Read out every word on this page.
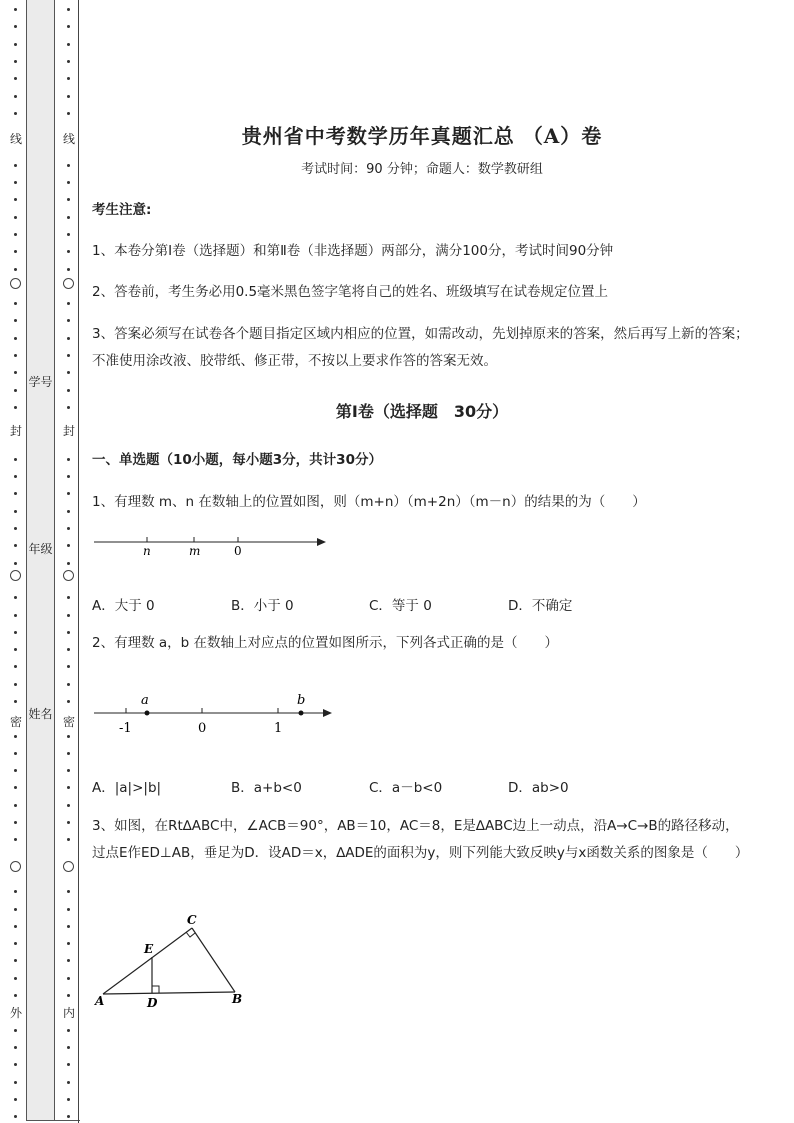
线
封
密
外
学号
年级
姓名
线
封
密
内
贵州省中考数学历年真题汇总 （A）卷
考试时间：90 分钟；命题人：数学教研组
考生注意:
1、本卷分第Ⅰ卷（选择题）和第Ⅱ卷（非选择题）两部分，满分100分，考试时间90分钟
2、答卷前，考生务必用0.5毫米黑色签字笔将自己的姓名、班级填写在试卷规定位置上
3、答案必须写在试卷各个题目指定区域内相应的位置，如需改动，先划掉原来的答案，然后再写上新的答案；不准使用涂改液、胶带纸、修正带，不按以上要求作答的答案无效。
第Ⅰ卷（选择题　30分）
一、单选题（10小题，每小题3分，共计30分）
1、有理数 m、n 在数轴上的位置如图，则（m+n）（m+2n）（m－n）的结果的为（　　）
n	m	0
A．大于 0	B．小于 0	C．等于 0	D．不确定
2、有理数 a，b 在数轴上对应点的位置如图所示，下列各式正确的是（　　）
a	b
-1	0	1
A．|a|>|b|	B．a+b<0	C．a－b<0	D．ab>0
3、如图，在Rt∆ABC中，∠ACB＝90°，AB＝10，AC＝8，E是∆ABC边上一动点，沿A→C→B的路径移动，过点E作ED⊥AB，垂足为D．设AD＝x，∆ADE的面积为y，则下列能大致反映y与x函数关系的图象是（　　）
C
E
A	D	B
